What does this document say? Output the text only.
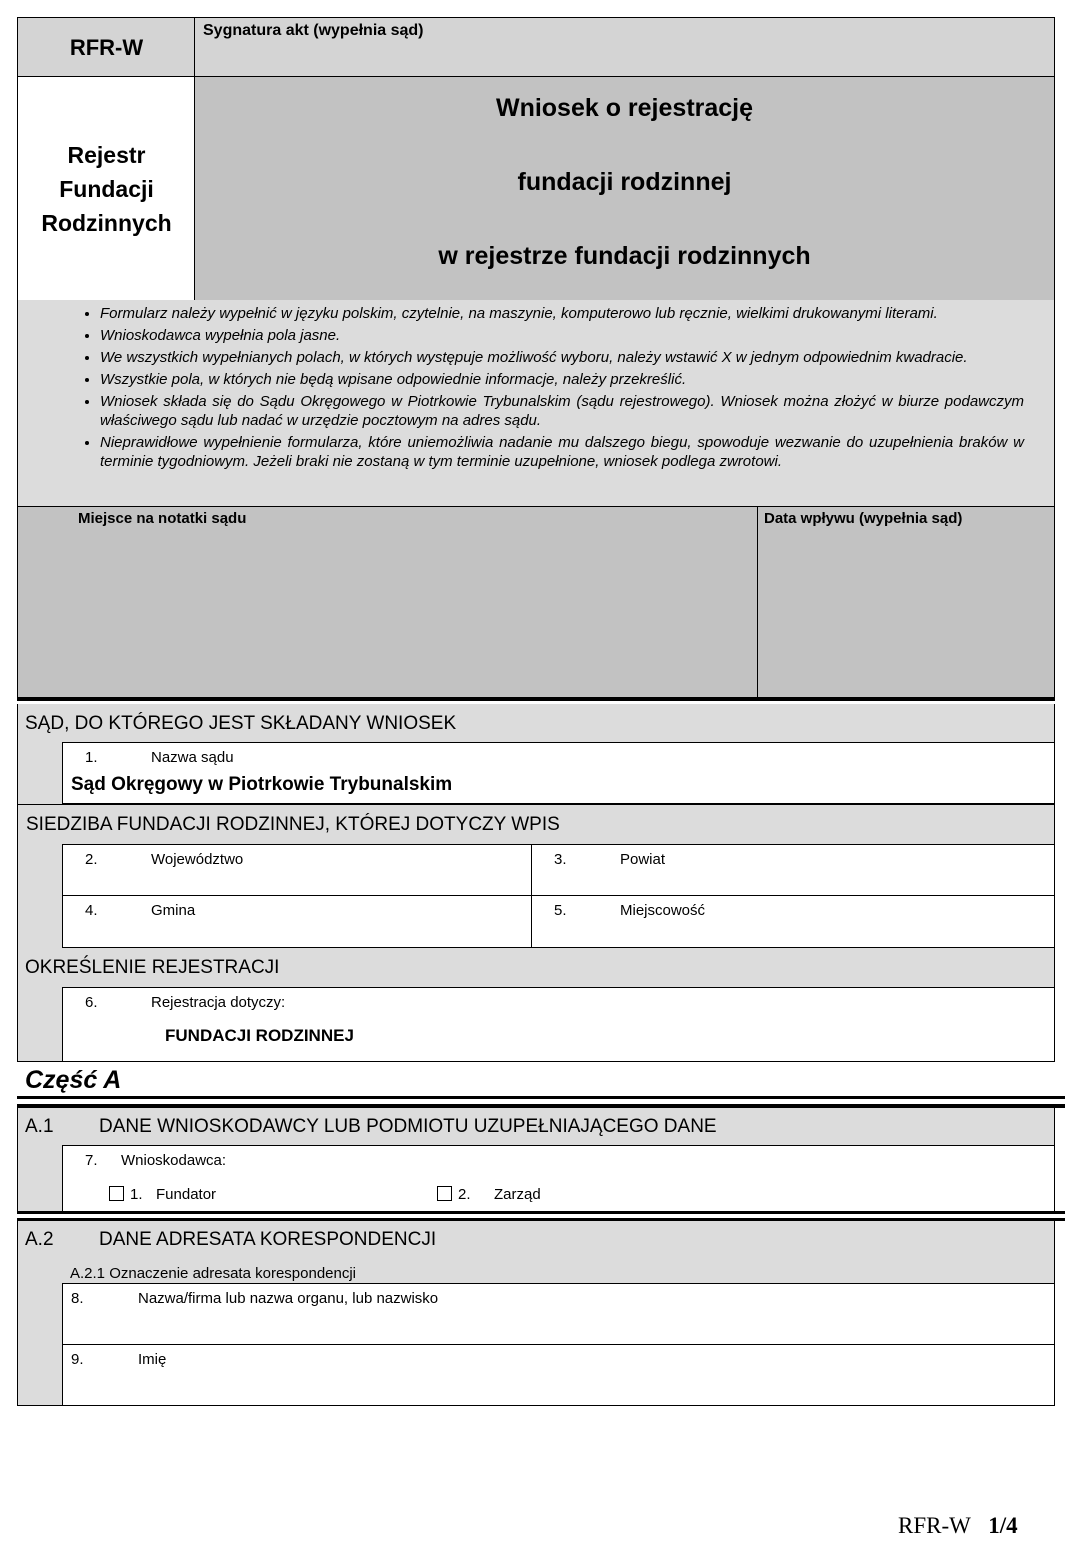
RFR-W
Sygnatura akt (wypełnia sąd)
Rejestr
Fundacji
Rodzinnych
Wniosek o rejestrację
fundacji rodzinnej
w rejestrze fundacji rodzinnych
• Formularz należy wypełnić w języku polskim, czytelnie, na maszynie, komputerowo lub ręcznie, wielkimi drukowanymi literami.
• Wnioskodawca wypełnia pola jasne.
• We wszystkich wypełnianych polach, w których występuje możliwość wyboru, należy wstawić X w jednym odpowiednim kwadracie.
• Wszystkie pola, w których nie będą wpisane odpowiednie informacje, należy przekreślić.
• Wniosek składa się do Sądu Okręgowego w Piotrkowie Trybunalskim (sądu rejestrowego). Wniosek można złożyć w biurze podawczym właściwego sądu lub nadać w urzędzie pocztowym na adres sądu.
• Nieprawidłowe wypełnienie formularza, które uniemożliwia nadanie mu dalszego biegu, spowoduje wezwanie do uzupełnienia braków w terminie tygodniowym. Jeżeli braki nie zostaną w tym terminie uzupełnione, wniosek podlega zwrotowi.
Miejsce na notatki sądu	Data wpływu (wypełnia sąd)
SĄD, DO KTÓREGO JEST SKŁADANY WNIOSEK
1.	Nazwa sądu
Sąd Okręgowy w Piotrkowie Trybunalskim
SIEDZIBA FUNDACJI RODZINNEJ, KTÓREJ DOTYCZY WPIS
2.	Województwo	3.	Powiat
4.	Gmina	5.	Miejscowość
OKREŚLENIE REJESTRACJI
6.	Rejestracja dotyczy:
FUNDACJI RODZINNEJ
Część A
A.1	DANE WNIOSKODAWCY LUB PODMIOTU UZUPEŁNIAJĄCEGO DANE
7. Wnioskodawca:
1. Fundator	2. Zarząd
A.2	DANE ADRESATA KORESPONDENCJI
A.2.1 Oznaczenie adresata korespondencji
8.	Nazwa/firma lub nazwa organu, lub nazwisko
9.	Imię
RFR-W 1/4
